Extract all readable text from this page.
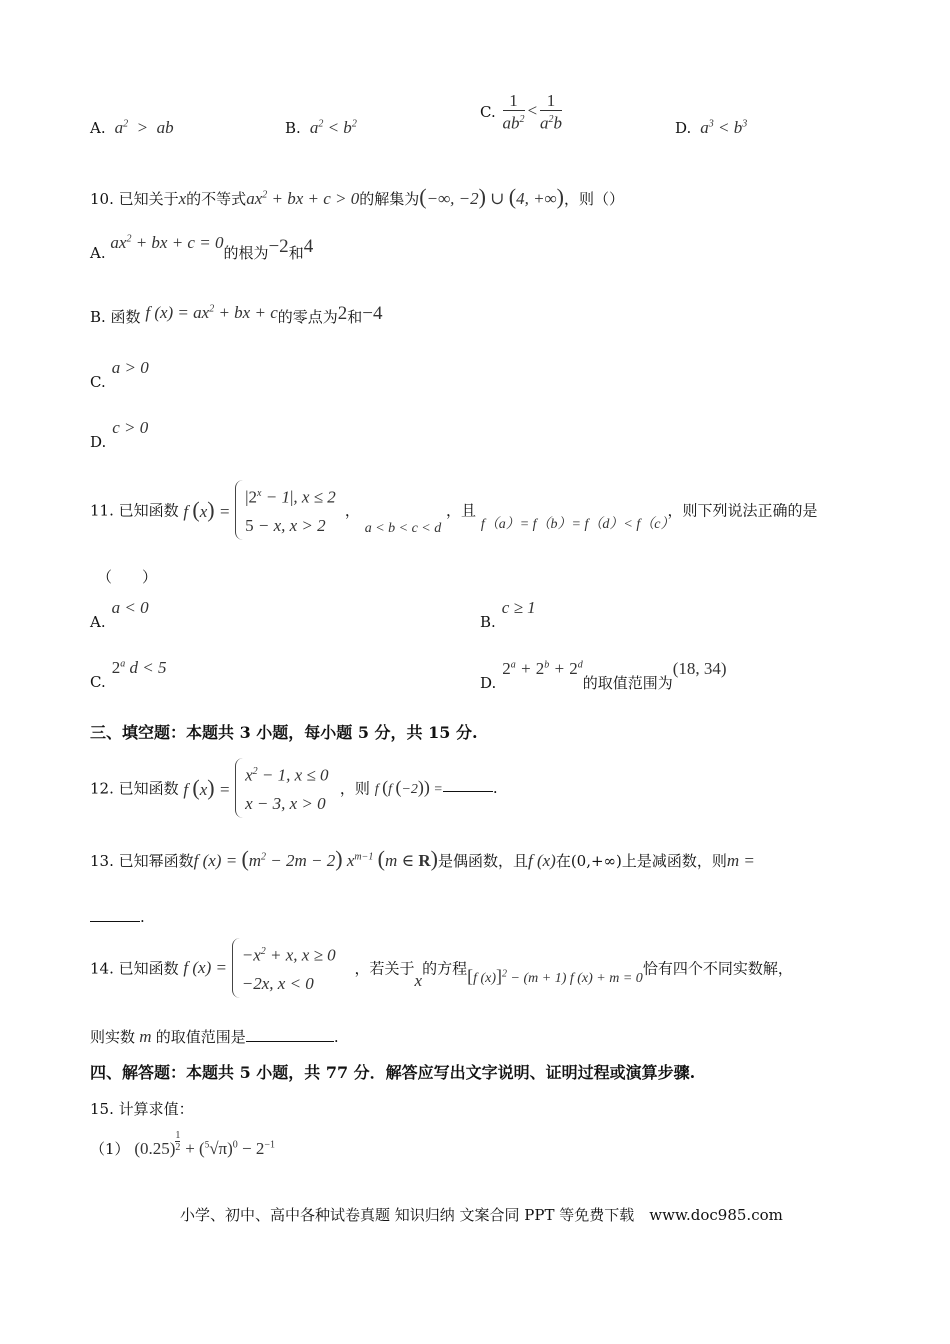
A.  $a^2$  >  ab	B.  $a^2 < b^2$
C. $\frac{1}{ab^2} < \frac{1}{a^2b}$	D.  $a^3 < b^3$
10. 已知关于x的不等式$ax^2$ + bx + c > 0的解集为(−∞, −2) ∪ (4, +∞)，则（）
A. $ax^2$ + bx + c = 0的根为−2和4
B. 函数 f $(x) = ax^2$ + bx + c的零点为2和−4
C.a > 0
D.c > 0
11. 已知函数 f (x) =
$|2^x - 1|$, x ≤ 2
5 − x, x > 2
， a < b < c < d ，且 f（a）= f（b）= f（d）< f（c），则下列说法正确的是
（　　）
A.a < 0
B.c ≥ 1
C.2$^a$ d < 5
$D.2^a + 2^b + 2^d$的取值范围为(18, 34)
三、填空题：本题共 3 小题，每小题 5 分，共 15 分.
12. 已知函数 f (x) =
$x^2 - 1$, x ≤ 0
x − 3, x > 0
，则 f (f (−2)) =	.
13. 已知幂函数f $(x) = (m^2 - 2m - 2)$ $x^{m-1}$ (m ∈ R)是偶函数，且f (x)在(0,+∞)上是减函数，则m =
.
14. 已知函数 f (x) =
$-x^2 + x$, x ≥ 0
−2x, x < 0
，若关于x的方程[f (x)]$^2$ − (m + 1) f (x) + m = 0恰有四个不同实数解，
则实数 m 的取值范围是	.
四、解答题：本题共 5 小题，共 77 分．解答应写出文字说明、证明过程或演算步骤.
15. 计算求值：
（1） $(0.25) \frac{1}{2} + (^5√\pi)^0 - 2^{-1}$
小学、初中、高中各种试卷真题 知识归纳 文案合同 PPT 等免费下载　www.doc985.com
